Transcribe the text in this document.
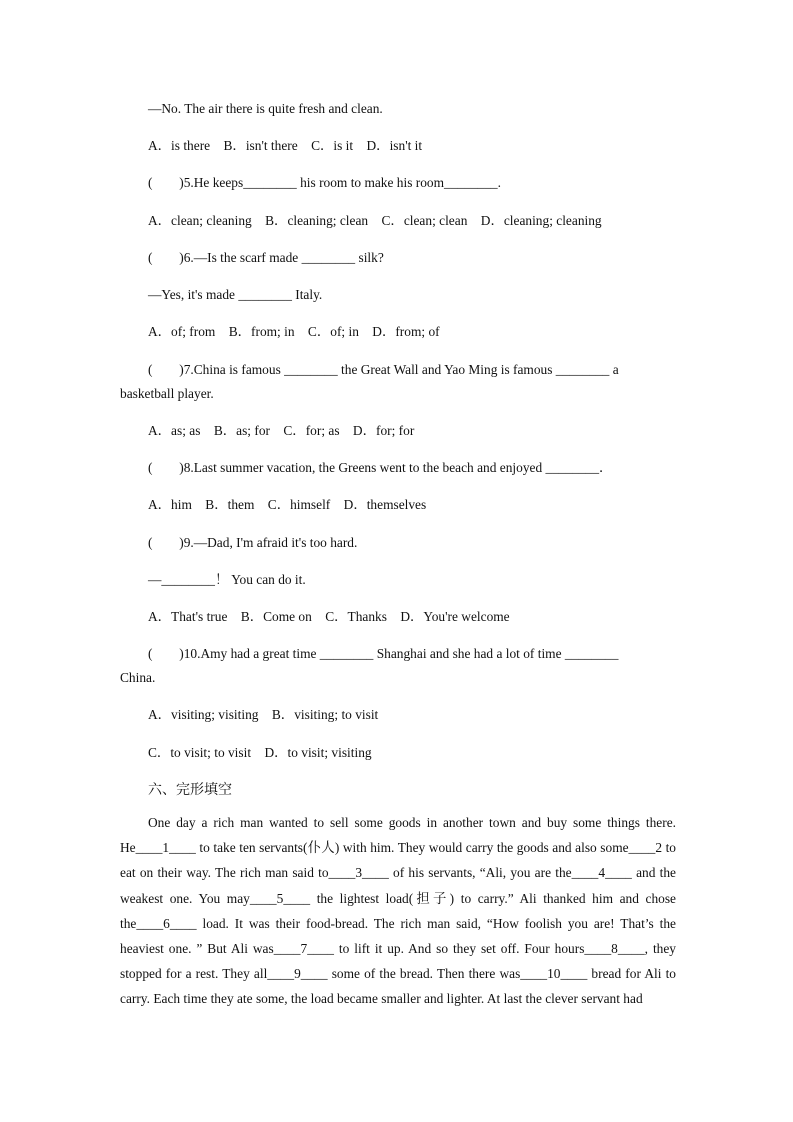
—No. The air there is quite fresh and clean.
A．is there　B．isn't there　C．is it　D．isn't it
(　　)5.He keeps________ his room to make his room________.
A．clean; cleaning　B．cleaning; clean　C．clean; clean　D．cleaning; cleaning
(　　)6.—Is the scarf made ________ silk?
—Yes, it's made ________ Italy.
A．of; from　B．from; in　C．of; in　D．from; of
(　　)7.China is famous ________ the Great Wall and Yao Ming is famous ________ a
basketball player.
A．as; as　B．as; for　C．for; as　D．for; for
(　　)8.Last summer vacation, the Greens went to the beach and enjoyed ________．
A．him　B．them　C．himself　D．themselves
(　　)9.—Dad, I'm afraid it's too hard.
—________！ You can do it.
A．That's true　B．Come on　C．Thanks　D．You're welcome
(　　)10.Amy had a great time ________ Shanghai and she had a lot of time ________
China.
A．visiting; visiting　B．visiting; to visit
C．to visit; to visit　D．to visit; visiting
六、完形填空
One day a rich man wanted to sell some goods in another town and buy some things there. He____1____ to take ten servants(仆人) with him. They would carry the goods and also some____2 to eat on their way. The rich man said to____3____ of his servants, “Ali, you are the____4____ and the weakest one. You may____5____ the lightest load(担子) to carry.” Ali thanked him and chose the____6____ load. It was their food-bread. The rich man said, “How foolish you are! That’s the heaviest one. ” But Ali was____7____ to lift it up. And so they set off. Four hours____8____, they stopped for a rest. They all____9____ some of the bread. Then there was____10____ bread for Ali to carry. Each time they ate some, the load became smaller and lighter. At last the clever servant had
